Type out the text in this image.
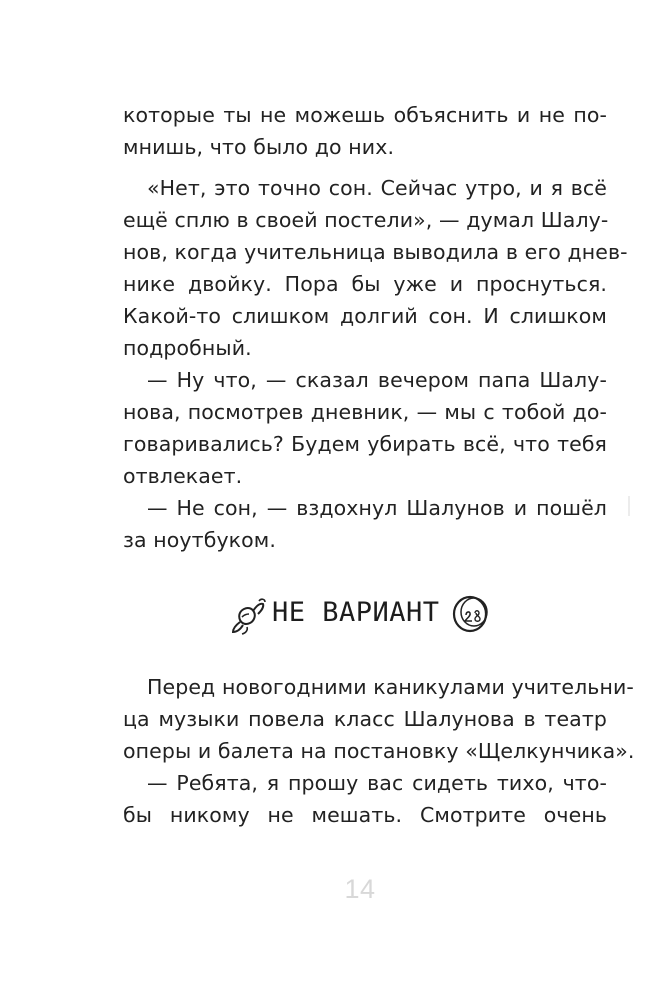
которые ты не можешь объяснить и не по-
мнишь, что было до них.
«Нет, это точно сон. Сейчас утро, и я всё
ещё сплю в своей постели», — думал Шалу-
нов, когда учительница выводила в его днев-
нике двойку. Пора бы уже и проснуться.
Какой-то слишком долгий сон. И слишком
подробный.
— Ну что, — сказал вечером папа Шалу-
нова, посмотрев дневник, — мы с тобой до-
говаривались? Будем убирать всё, что тебя
отвлекает.
— Не сон, — вздохнул Шалунов и пошёл
за ноутбуком.
НЕ ВАРИАНТ
Перед новогодними каникулами учительни-
ца музыки повела класс Шалунова в театр
оперы и балета на постановку «Щелкунчика».
— Ребята, я прошу вас сидеть тихо, что-
бы никому не мешать. Смотрите очень
14
